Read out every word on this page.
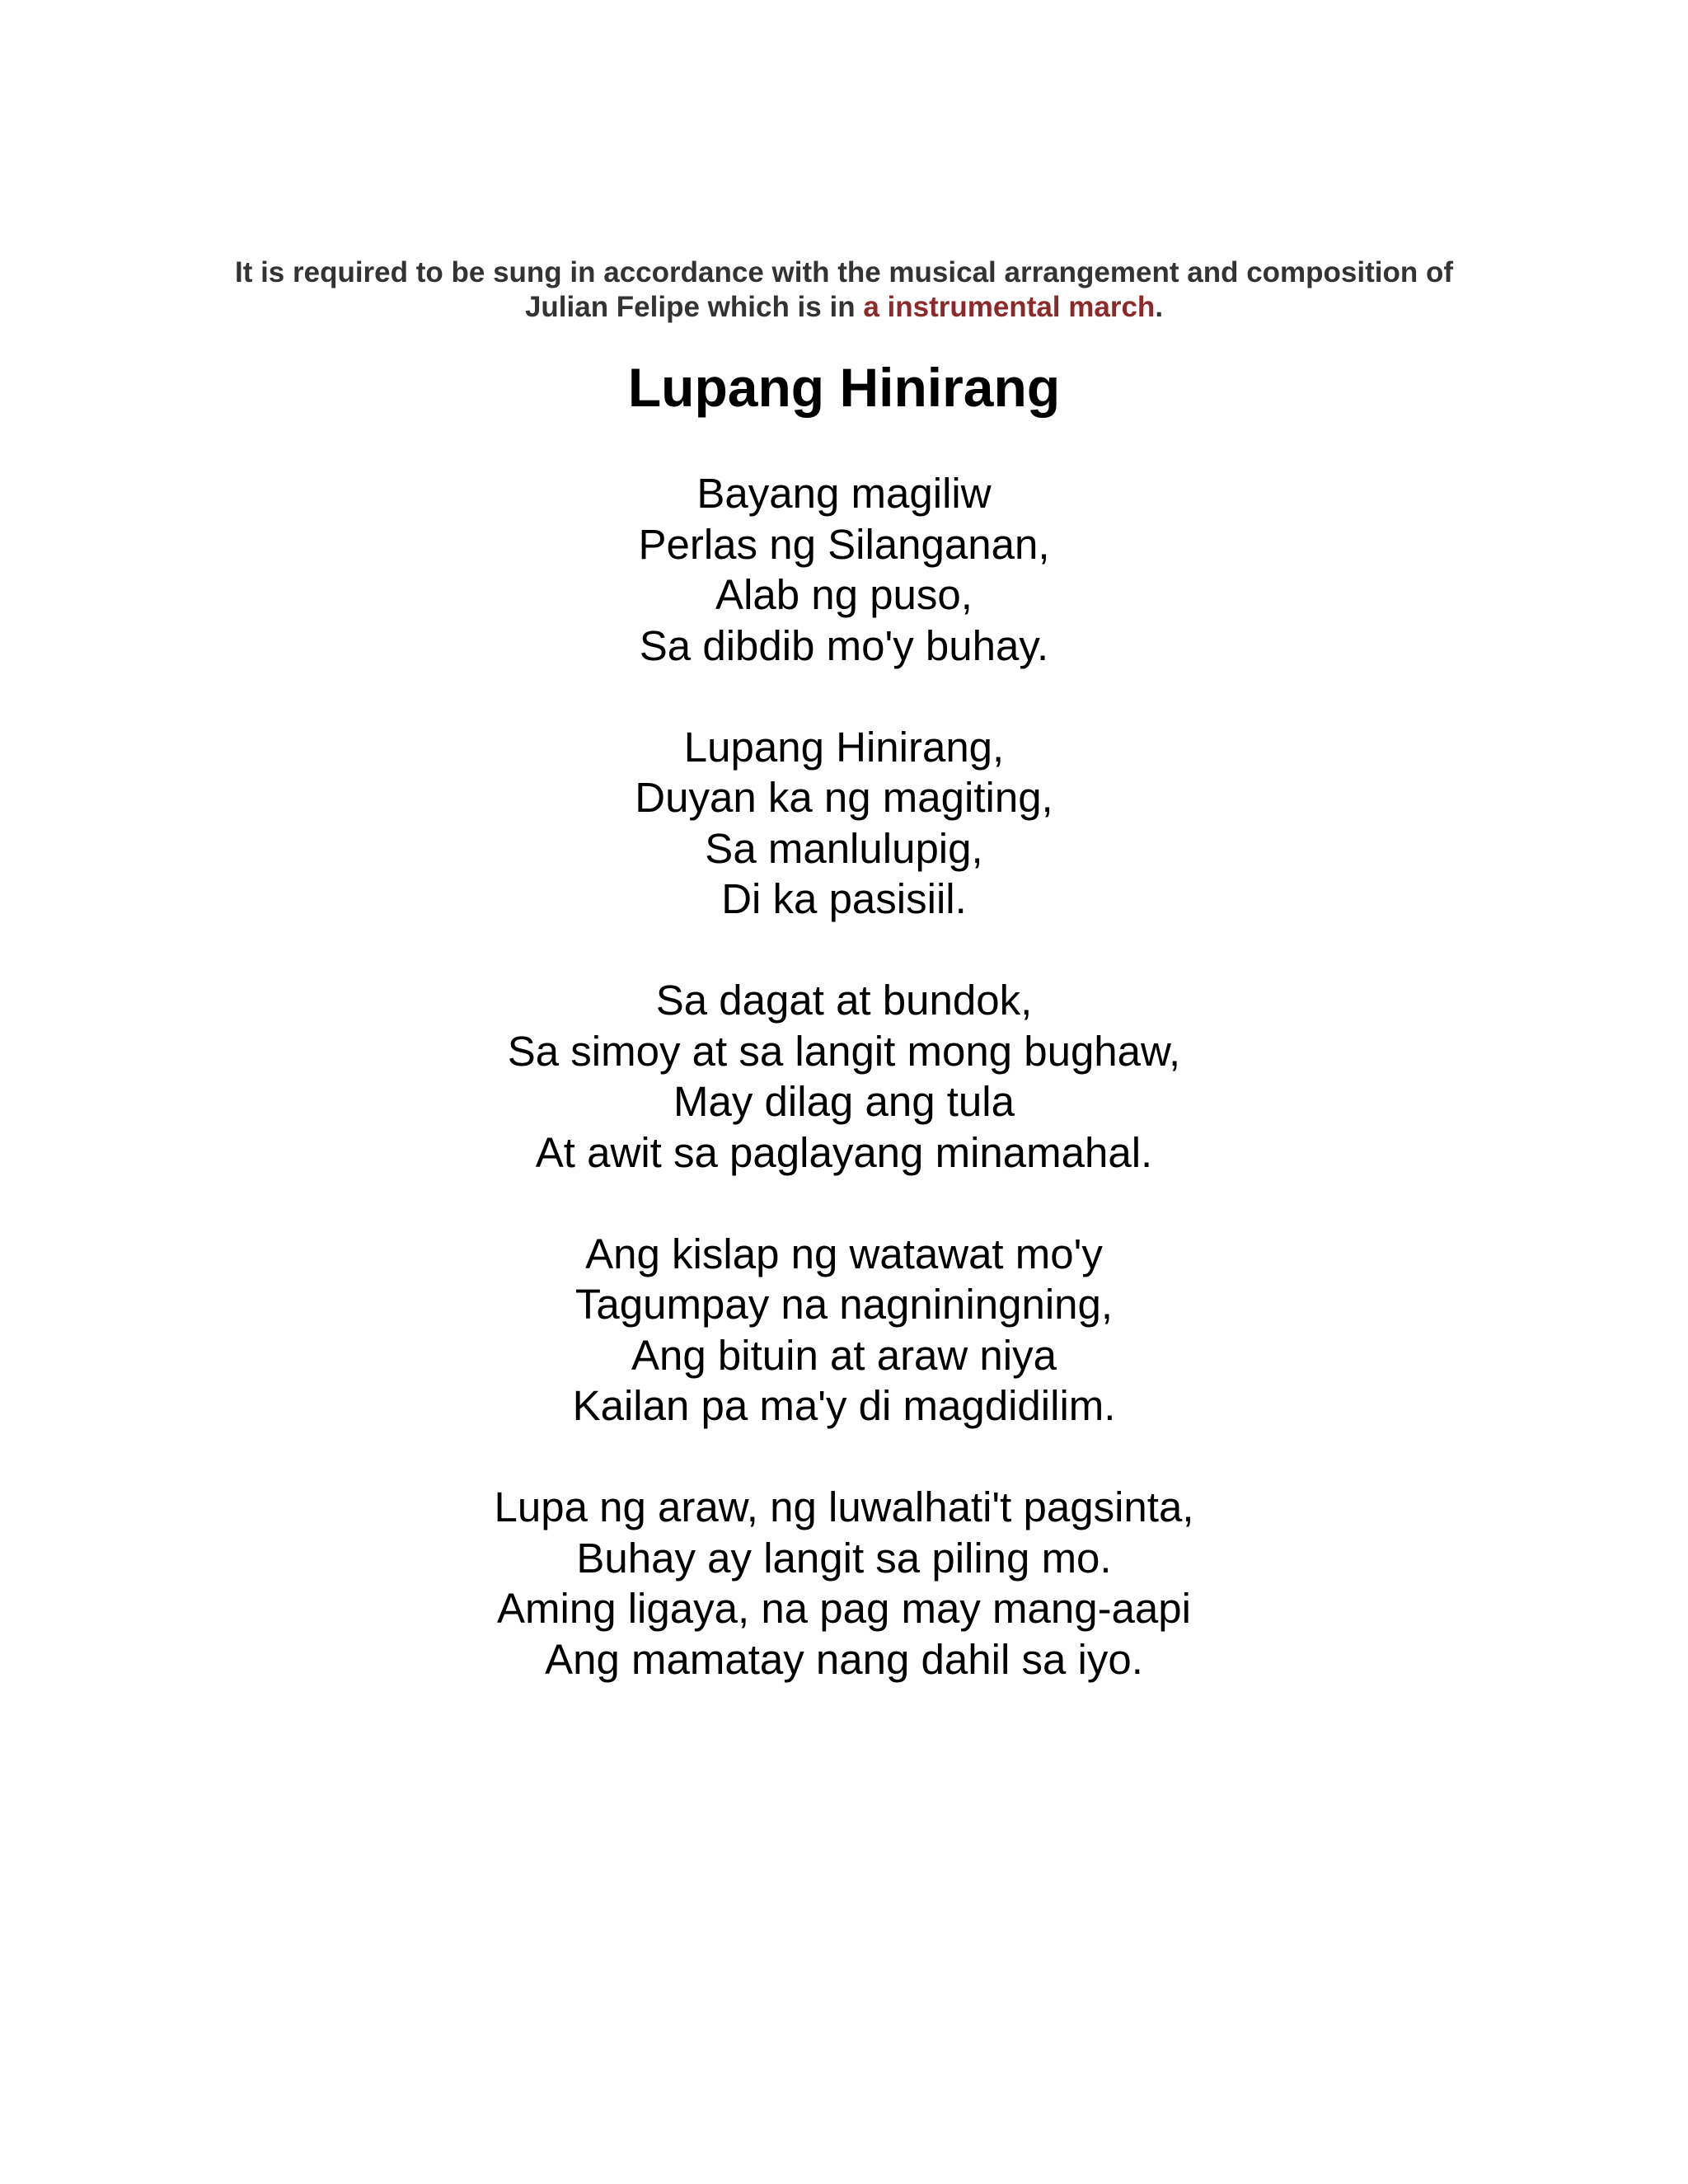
It is required to be sung in accordance with the musical arrangement and composition of
Julian Felipe which is in a instrumental march.
Lupang Hinirang
Bayang magiliw
Perlas ng Silanganan,
Alab ng puso,
Sa dibdib mo'y buhay.
Lupang Hinirang,
Duyan ka ng magiting,
Sa manlulupig,
Di ka pasisiil.
Sa dagat at bundok,
Sa simoy at sa langit mong bughaw,
May dilag ang tula
At awit sa paglayang minamahal.
Ang kislap ng watawat mo'y
Tagumpay na nagniningning,
Ang bituin at araw niya
Kailan pa ma'y di magdidilim.
Lupa ng araw, ng luwalhati't pagsinta,
Buhay ay langit sa piling mo.
Aming ligaya, na pag may mang-aapi
Ang mamatay nang dahil sa iyo.
